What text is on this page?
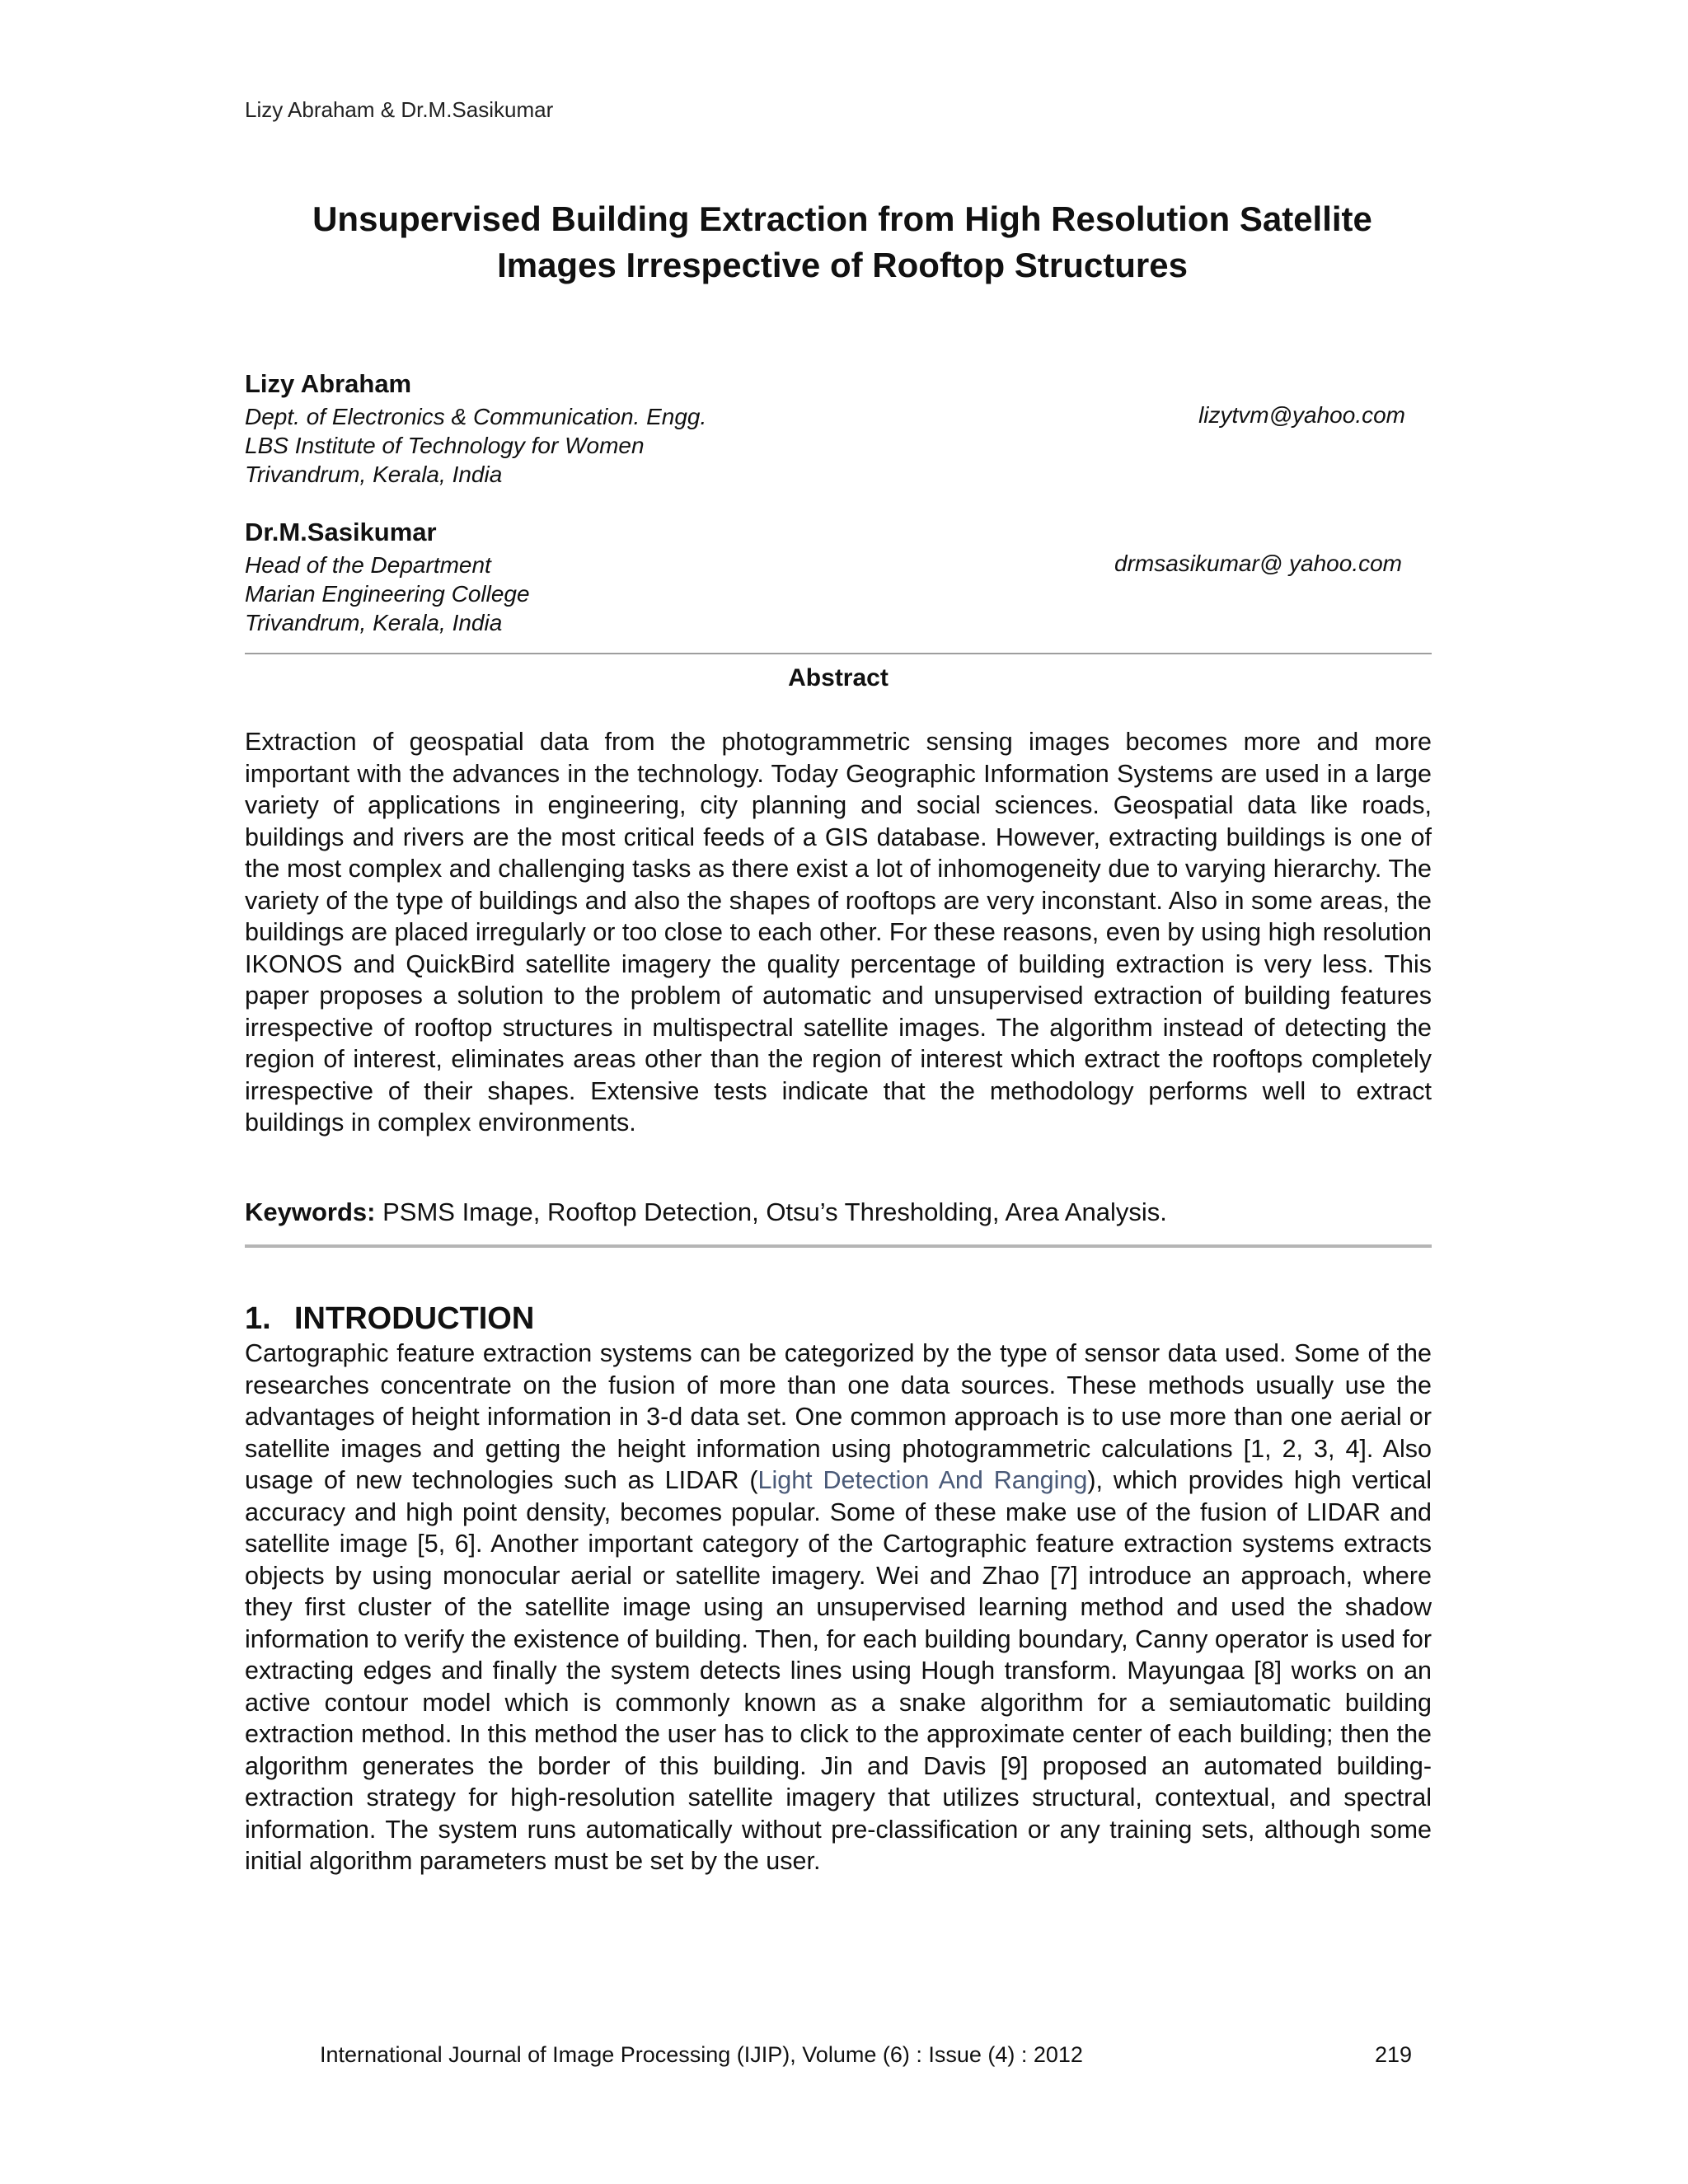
Lizy Abraham & Dr.M.Sasikumar
Unsupervised Building Extraction from High Resolution Satellite
Images Irrespective of Rooftop Structures
Lizy Abraham
Dept. of Electronics & Communication. Engg.	lizytvm@yahoo.com
LBS Institute of Technology for Women
Trivandrum, Kerala, India
Dr.M.Sasikumar
Head of the Department	drmsasikumar@ yahoo.com
Marian Engineering College
Trivandrum, Kerala, India
Abstract
Extraction of geospatial data from the photogrammetric sensing images becomes more and more important with the advances in the technology. Today Geographic Information Systems are used in a large variety of applications in engineering, city planning and social sciences. Geospatial data like roads, buildings and rivers are the most critical feeds of a GIS database. However, extracting buildings is one of the most complex and challenging tasks as there exist a lot of inhomogeneity due to varying hierarchy. The variety of the type of buildings and also the shapes of rooftops are very inconstant. Also in some areas, the buildings are placed irregularly or too close to each other. For these reasons, even by using high resolution IKONOS and QuickBird satellite imagery the quality percentage of building extraction is very less. This paper proposes a solution to the problem of automatic and unsupervised extraction of building features irrespective of rooftop structures in multispectral satellite images. The algorithm instead of detecting the region of interest, eliminates areas other than the region of interest which extract the rooftops completely irrespective of their shapes. Extensive tests indicate that the methodology performs well to extract buildings in complex environments.
Keywords: PSMS Image, Rooftop Detection, Otsu’s Thresholding, Area Analysis.
1. INTRODUCTION
Cartographic feature extraction systems can be categorized by the type of sensor data used. Some of the researches concentrate on the fusion of more than one data sources. These methods usually use the advantages of height information in 3-d data set. One common approach is to use more than one aerial or satellite images and getting the height information using photogrammetric calculations [1, 2, 3, 4]. Also usage of new technologies such as LIDAR (Light Detection And Ranging), which provides high vertical accuracy and high point density, becomes popular. Some of these make use of the fusion of LIDAR and satellite image [5, 6]. Another important category of the Cartographic feature extraction systems extracts objects by using monocular aerial or satellite imagery. Wei and Zhao [7] introduce an approach, where they first cluster of the satellite image using an unsupervised learning method and used the shadow information to verify the existence of building. Then, for each building boundary, Canny operator is used for extracting edges and finally the system detects lines using Hough transform. Mayungaa [8] works on an active contour model which is commonly known as a snake algorithm for a semiautomatic building extraction method. In this method the user has to click to the approximate center of each building; then the algorithm generates the border of this building. Jin and Davis [9] proposed an automated building-extraction strategy for high-resolution satellite imagery that utilizes structural, contextual, and spectral information. The system runs automatically without pre-classification or any training sets, although some initial algorithm parameters must be set by the user.
International Journal of Image Processing (IJIP), Volume (6) : Issue (4) : 2012	219
